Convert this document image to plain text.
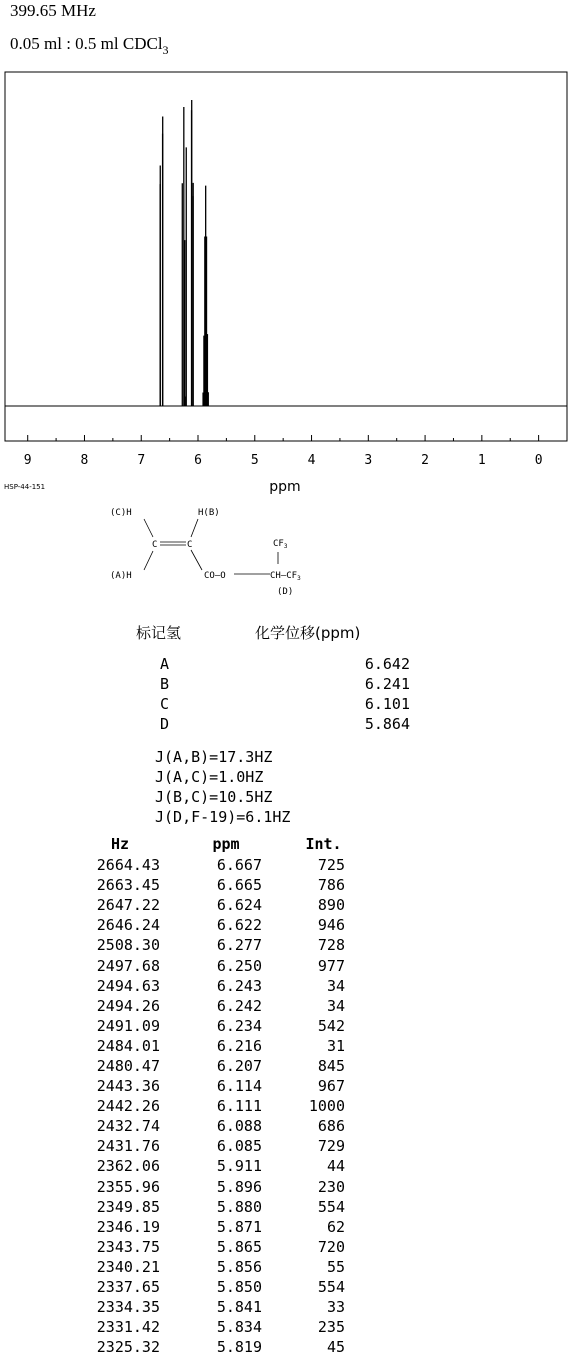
399.65 MHz
0.05 ml : 0.5 ml CDCl$_3$
9	8	7	6	5	4	3	2	1	0
ppm
HSP-44-151
(C)H	H(B)
(A)H
C	C
CO—O	$CH—CF_3$
$CF_3$
(D)
标记氢	化学位移(ppm)
A	6.642
B	6.241
C	6.101
D	5.864
J(A,B)=17.3HZ
J(A,C)=1.0HZ
J(B,C)=10.5HZ
J(D,F-19)=6.1HZ
Hz	ppm	Int.
2664.43	6.667	725
2663.45	6.665	786
2647.22	6.624	890
2646.24	6.622	946
2508.30	6.277	728
2497.68	6.250	977
2494.63	6.243	34
2494.26	6.242	34
2491.09	6.234	542
2484.01	6.216	31
2480.47	6.207	845
2443.36	6.114	967
2442.26	6.111	1000
2432.74	6.088	686
2431.76	6.085	729
2362.06	5.911	44
2355.96	5.896	230
2349.85	5.880	554
2346.19	5.871	62
2343.75	5.865	720
2340.21	5.856	55
2337.65	5.850	554
2334.35	5.841	33
2331.42	5.834	235
2325.32	5.819	45
